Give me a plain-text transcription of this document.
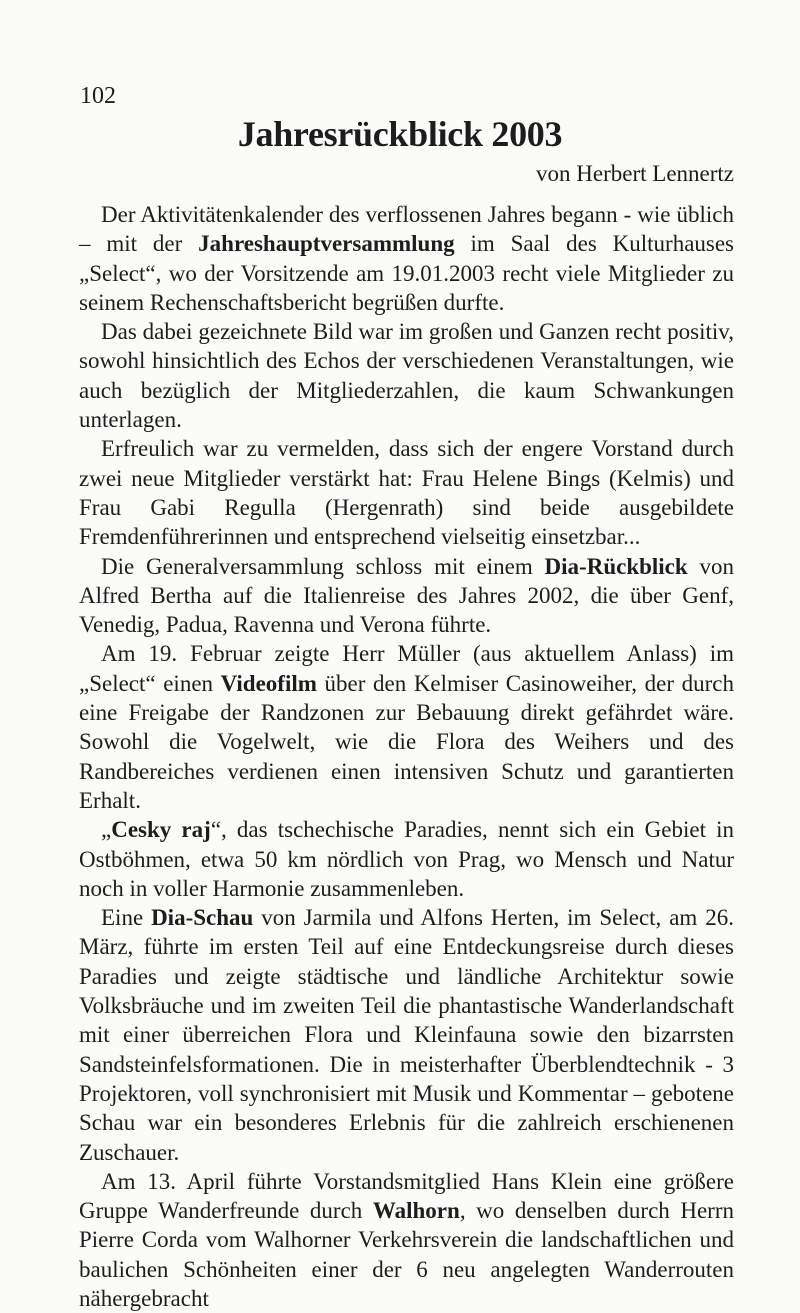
102
Jahresrückblick 2003
von Herbert Lennertz

Der Aktivitätenkalender des verflossenen Jahres begann - wie üblich – mit der Jahreshauptversammlung im Saal des Kulturhauses „Select“, wo der Vorsitzende am 19.01.2003 recht viele Mitglieder zu seinem Rechenschaftsbericht begrüßen durfte.

Das dabei gezeichnete Bild war im großen und Ganzen recht positiv, sowohl hinsichtlich des Echos der verschiedenen Veranstaltungen, wie auch bezüglich der Mitgliederzahlen, die kaum Schwankungen unterlagen.

Erfreulich war zu vermelden, dass sich der engere Vorstand durch zwei neue Mitglieder verstärkt hat: Frau Helene Bings (Kelmis) und Frau Gabi Regulla (Hergenrath) sind beide ausgebildete Fremdenführerinnen und entsprechend vielseitig einsetzbar...

Die Generalversammlung schloss mit einem Dia-Rückblick von Alfred Bertha auf die Italienreise des Jahres 2002, die über Genf, Venedig, Padua, Ravenna und Verona führte.

Am 19. Februar zeigte Herr Müller (aus aktuellem Anlass) im „Select“ einen Videofilm über den Kelmiser Casinoweiher, der durch eine Freigabe der Randzonen zur Bebauung direkt gefährdet wäre. Sowohl die Vogelwelt, wie die Flora des Weihers und des Randbereiches verdienen einen intensiven Schutz und garantierten Erhalt.

„Cesky raj“, das tschechische Paradies, nennt sich ein Gebiet in Ostböhmen, etwa 50 km nördlich von Prag, wo Mensch und Natur noch in voller Harmonie zusammenleben.

Eine Dia-Schau von Jarmila und Alfons Herten, im Select, am 26. März, führte im ersten Teil auf eine Entdeckungsreise durch dieses Paradies und zeigte städtische und ländliche Architektur sowie Volksbräuche und im zweiten Teil die phantastische Wanderlandschaft mit einer überreichen Flora und Kleinfauna sowie den bizarrsten Sandsteinfelsformationen. Die in meisterhafter Überblendtechnik - 3 Projektoren, voll synchronisiert mit Musik und Kommentar – gebotene Schau war ein besonderes Erlebnis für die zahlreich erschienenen Zuschauer.

Am 13. April führte Vorstandsmitglied Hans Klein eine größere Gruppe Wanderfreunde durch Walhorn, wo denselben durch Herrn Pierre Corda vom Walhorner Verkehrsverein die landschaftlichen und baulichen Schönheiten einer der 6 neu angelegten Wanderrouten nähergebracht
